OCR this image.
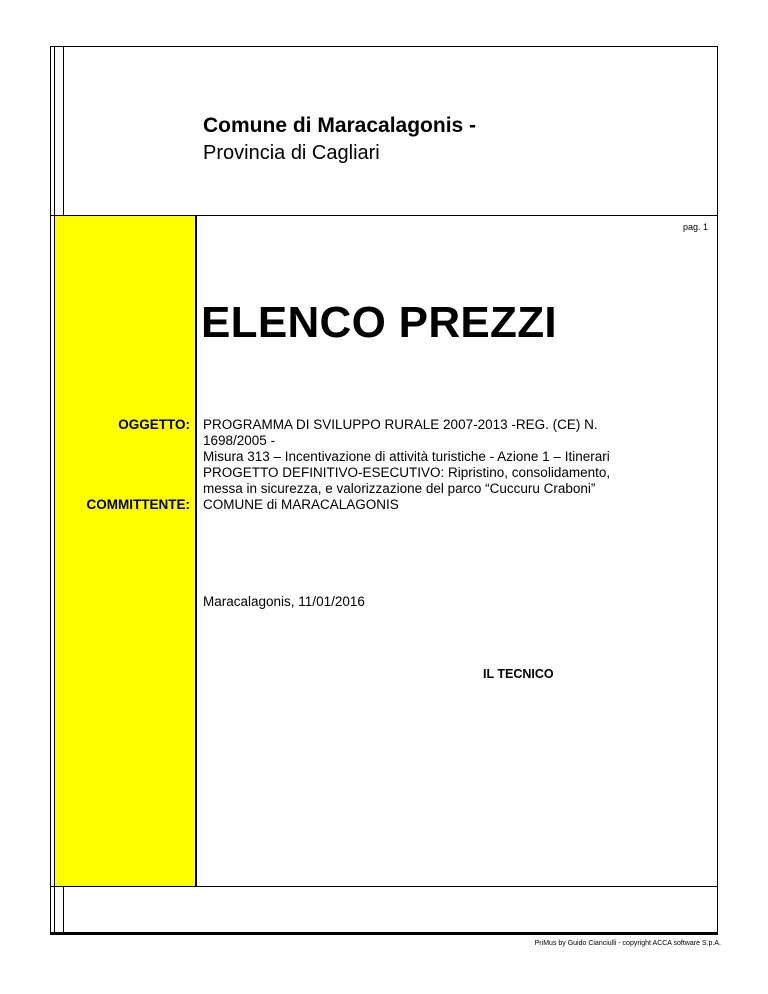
Comune di Maracalagonis -
Provincia di Cagliari
pag. 1
ELENCO PREZZI
OGGETTO: PROGRAMMA DI SVILUPPO RURALE 2007-2013 -REG. (CE) N.
1698/2005 -
Misura 313 – Incentivazione di attività turistiche - Azione 1 – Itinerari
PROGETTO DEFINITIVO-ESECUTIVO: Ripristino, consolidamento,
messa in sicurezza, e valorizzazione del parco “Cuccuru Craboni”
COMMITTENTE: COMUNE di MARACALAGONIS
Maracalagonis, 11/01/2016
IL TECNICO
PriMus by Guido Cianciulli - copyright ACCA software S.p.A.
